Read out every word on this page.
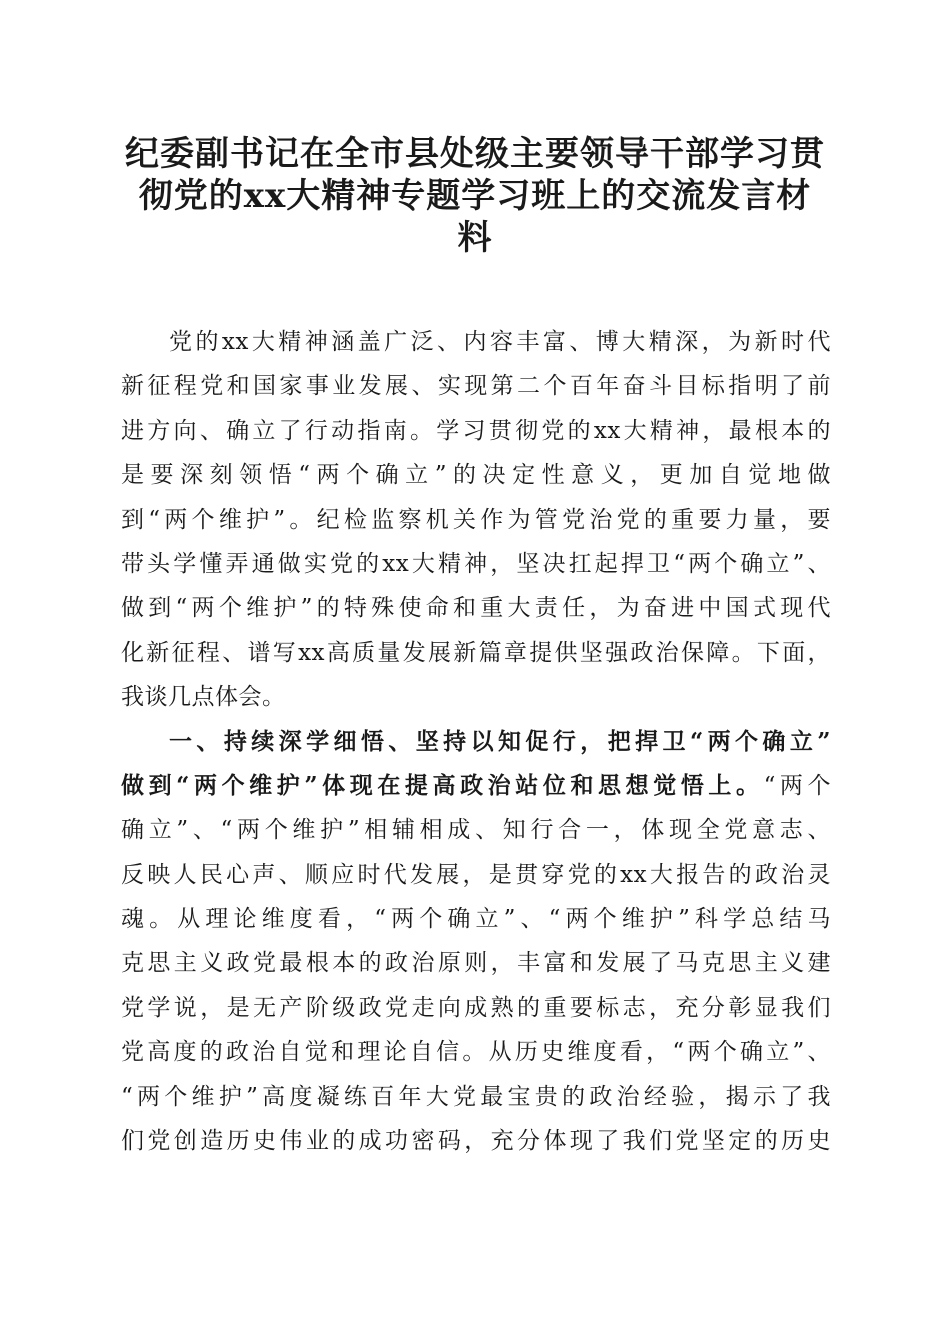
纪委副书记在全市县处级主要领导干部学习贯
彻党的xx大精神专题学习班上的交流发言材
料
党的xx大精神涵盖广泛、内容丰富、博大精深，为新时代
新征程党和国家事业发展、实现第二个百年奋斗目标指明了前
进方向、确立了行动指南。学习贯彻党的xx大精神，最根本的
是要深刻领悟“两个确立”的决定性意义，更加自觉地做
到“两个维护”。纪检监察机关作为管党治党的重要力量，要
带头学懂弄通做实党的xx大精神，坚决扛起捍卫“两个确立”、
做到“两个维护”的特殊使命和重大责任，为奋进中国式现代
化新征程、谱写xx高质量发展新篇章提供坚强政治保障。下面，
我谈几点体会。
一、持续深学细悟、坚持以知促行，把捍卫“两个确立”
做到“两个维护”体现在提高政治站位和思想觉悟上。“两个
确立”、“两个维护”相辅相成、知行合一，体现全党意志、
反映人民心声、顺应时代发展，是贯穿党的xx大报告的政治灵
魂。从理论维度看，“两个确立”、“两个维护”科学总结马
克思主义政党最根本的政治原则，丰富和发展了马克思主义建
党学说，是无产阶级政党走向成熟的重要标志，充分彰显我们
党高度的政治自觉和理论自信。从历史维度看，“两个确立”、
“两个维护”高度凝练百年大党最宝贵的政治经验，揭示了我
们党创造历史伟业的成功密码，充分体现了我们党坚定的历史
